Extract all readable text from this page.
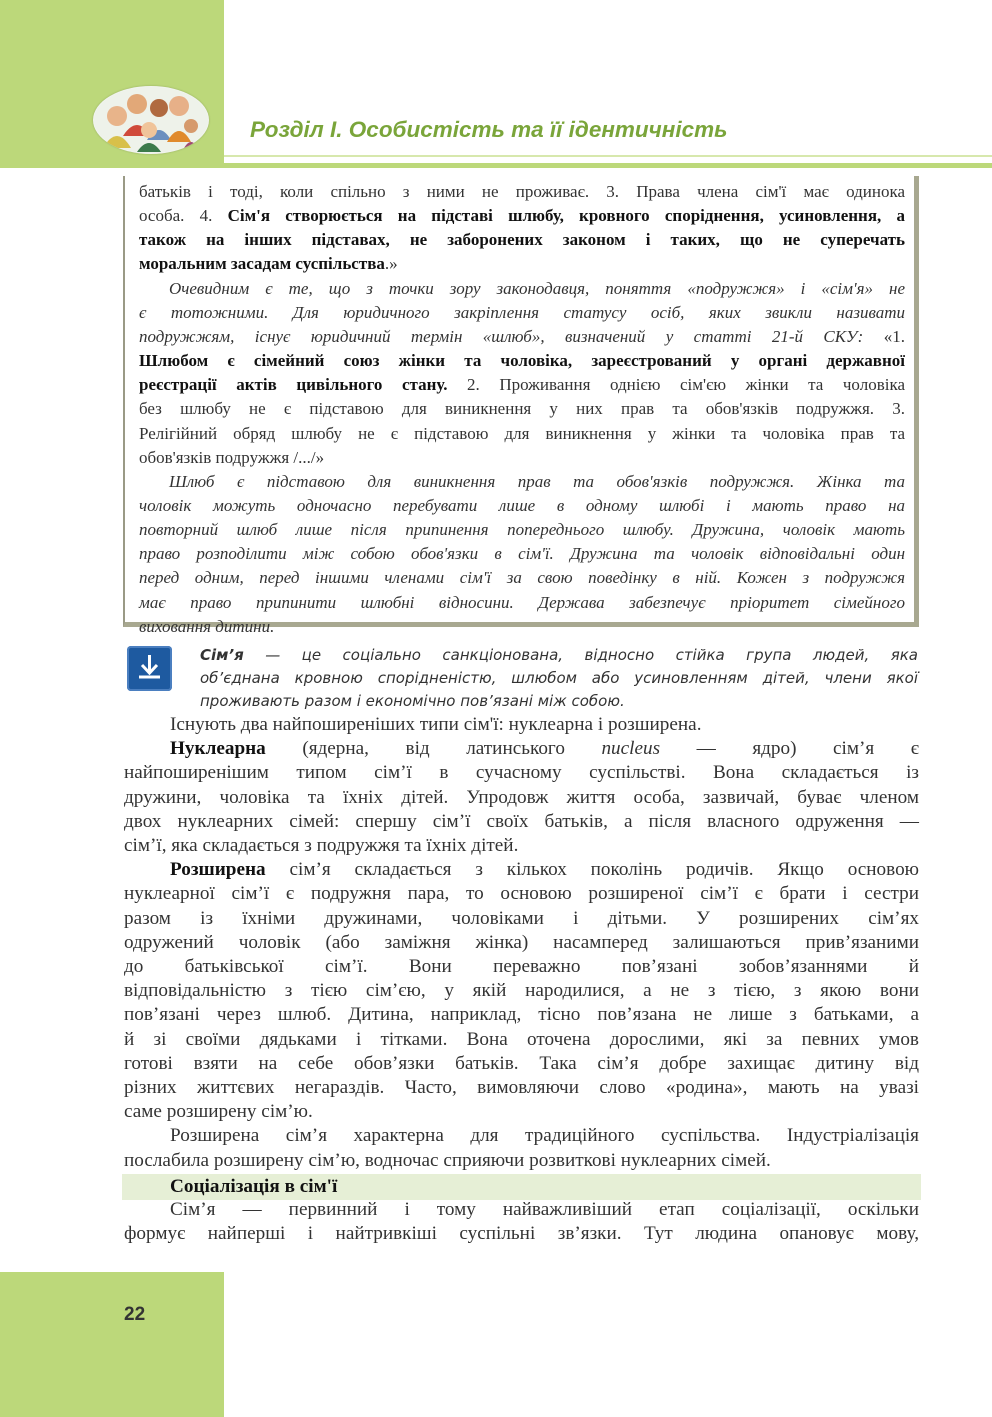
Розділ І. Особистість та її ідентичність
батьків і тоді, коли спільно з ними не проживає. 3. Права члена сім'ї має одинока
особа. 4. Сім'я створюється на підставі шлюбу, кровного споріднення, усиновлення, а
також на інших підставах, не заборонених законом і таких, що не суперечать
моральним засадам суспільства.»
Очевидним є те, що з точки зору законодавця, поняття «подружжя» і «сім'я» не
є тотожними. Для юридичного закріплення статусу осіб, яких звикли називати
подружжям, існує юридичний термін «шлюб», визначений у статті 21-й СКУ: «1.
Шлюбом є сімейний союз жінки та чоловіка, зареєстрований у органі державної
реєстрації актів цивільного стану. 2. Проживання однією сім'єю жінки та чоловіка
без шлюбу не є підставою для виникнення у них прав та обов'язків подружжя. 3.
Релігійний обряд шлюбу не є підставою для виникнення у жінки та чоловіка прав та
обов'язків подружжя /.../»
Шлюб є підставою для виникнення прав та обов'язків подружжя. Жінка та
чоловік можуть одночасно перебувати лише в одному шлюбі і мають право на
повторний шлюб лише після припинення попереднього шлюбу. Дружина, чоловік мають
право розподілити між собою обов'язки в сім'ї. Дружина та чоловік відповідальні один
перед одним, перед іншими членами сім'ї за свою поведінку в ній. Кожен з подружжя
має право припинити шлюбні відносини. Держава забезпечує пріоритет сімейного
виховання дитини.
Сім’я — це соціально санкціонована, відносно стійка група людей, яка
об’єднана кровною спорідненістю, шлюбом або усиновленням дітей, члени якої
проживають разом і економічно пов’язані між собою.
Існують два найпоширеніших типи сім'ї: нуклеарна і розширена.
Нуклеарна (ядерна, від латинського nucleus — ядро) сім’я є
найпоширенішим типом сім’ї в сучасному суспільстві. Вона складається із
дружини, чоловіка та їхніх дітей. Упродовж життя особа, зазвичай, буває членом
двох нуклеарних сімей: спершу сім’ї своїх батьків, а після власного одруження —
сім’ї, яка складається з подружжя та їхніх дітей.
Розширена сім’я складається з кількох поколінь родичів. Якщо основою
нуклеарної сім’ї є подружня пара, то основою розширеної сім’ї є брати і сестри
разом із їхніми дружинами, чоловіками і дітьми. У розширених сім’ях
одружений чоловік (або заміжня жінка) насамперед залишаються прив’язаними
до батьківської сім’ї. Вони переважно пов’язані зобов’язаннями й
відповідальністю з тією сім’єю, у якій народилися, а не з тією, з якою вони
пов’язані через шлюб. Дитина, наприклад, тісно пов’язана не лише з батьками, а
й зі своїми дядьками і тітками. Вона оточена дорослими, які за певних умов
готові взяти на себе обов’язки батьків. Така сім’я добре захищає дитину від
різних життєвих негараздів. Часто, вимовляючи слово «родина», мають на увазі
саме розширену сім’ю.
Розширена сім’я характерна для традиційного суспільства. Індустріалізація
послабила розширену сім’ю, водночас сприяючи розвиткові нуклеарних сімей.
Соціалізація в сім'ї
Сім’я — первинний і тому найважливіший етап соціалізації, оскільки
формує найперші і найтривкіші суспільні зв’язки. Тут людина опановує мову,
22
